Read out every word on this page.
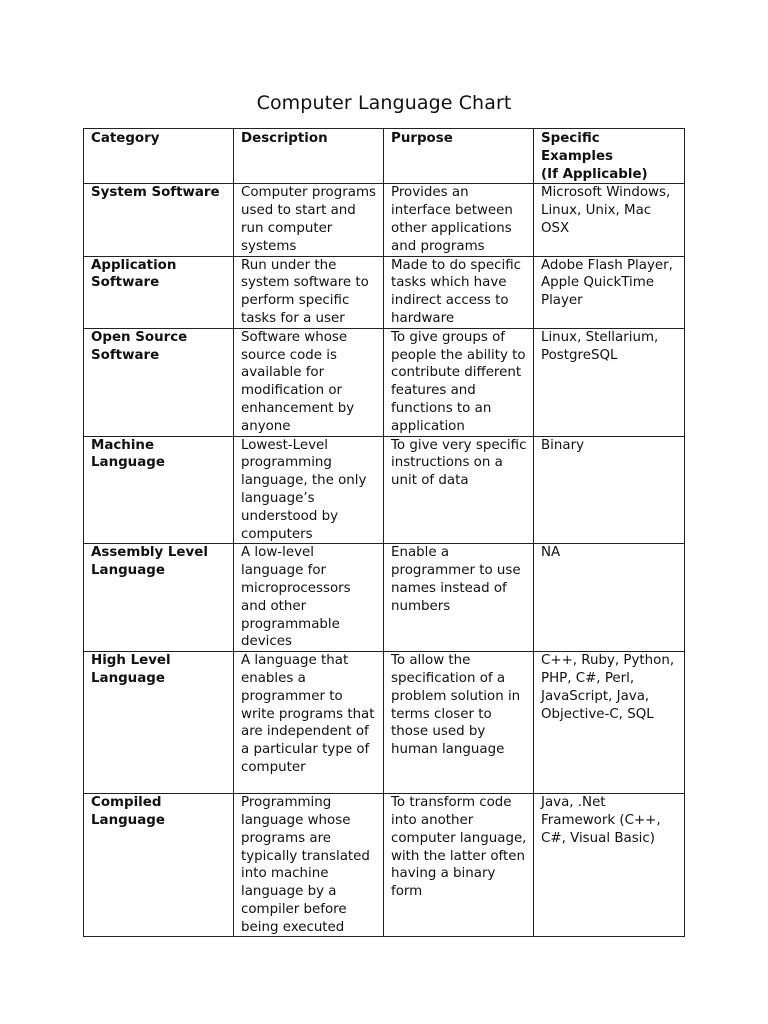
Computer Language Chart
Category	Description	Purpose	Specific
Examples
(If Applicable)

System Software	Computer programs used to start and run computer systems	Provides an interface between other applications and programs	Microsoft Windows, Linux, Unix, Mac OSX
Application Software	Run under the system software to perform specific tasks for a user	Made to do specific tasks which have indirect access to hardware	Adobe Flash Player, Apple QuickTime Player
Open Source Software	Software whose source code is available for modification or enhancement by anyone	To give groups of people the ability to contribute different features and functions to an application	Linux, Stellarium, PostgreSQL
Machine Language	Lowest-Level programming language, the only language’s understood by computers	To give very specific instructions on a unit of data	Binary
Assembly Level Language	A low-level language for microprocessors and other programmable devices	Enable a programmer to use names instead of numbers	NA
High Level Language	A language that enables a programmer to write programs that are independent of a particular type of computer	To allow the specification of a problem solution in terms closer to those used by human language	C++, Ruby, Python, PHP, C#, Perl, JavaScript, Java, Objective-C, SQL
Compiled Language	Programming language whose programs are typically translated into machine language by a compiler before being executed	To transform code into another computer language, with the latter often having a binary form	Java, .Net Framework (C++, C#, Visual Basic)
